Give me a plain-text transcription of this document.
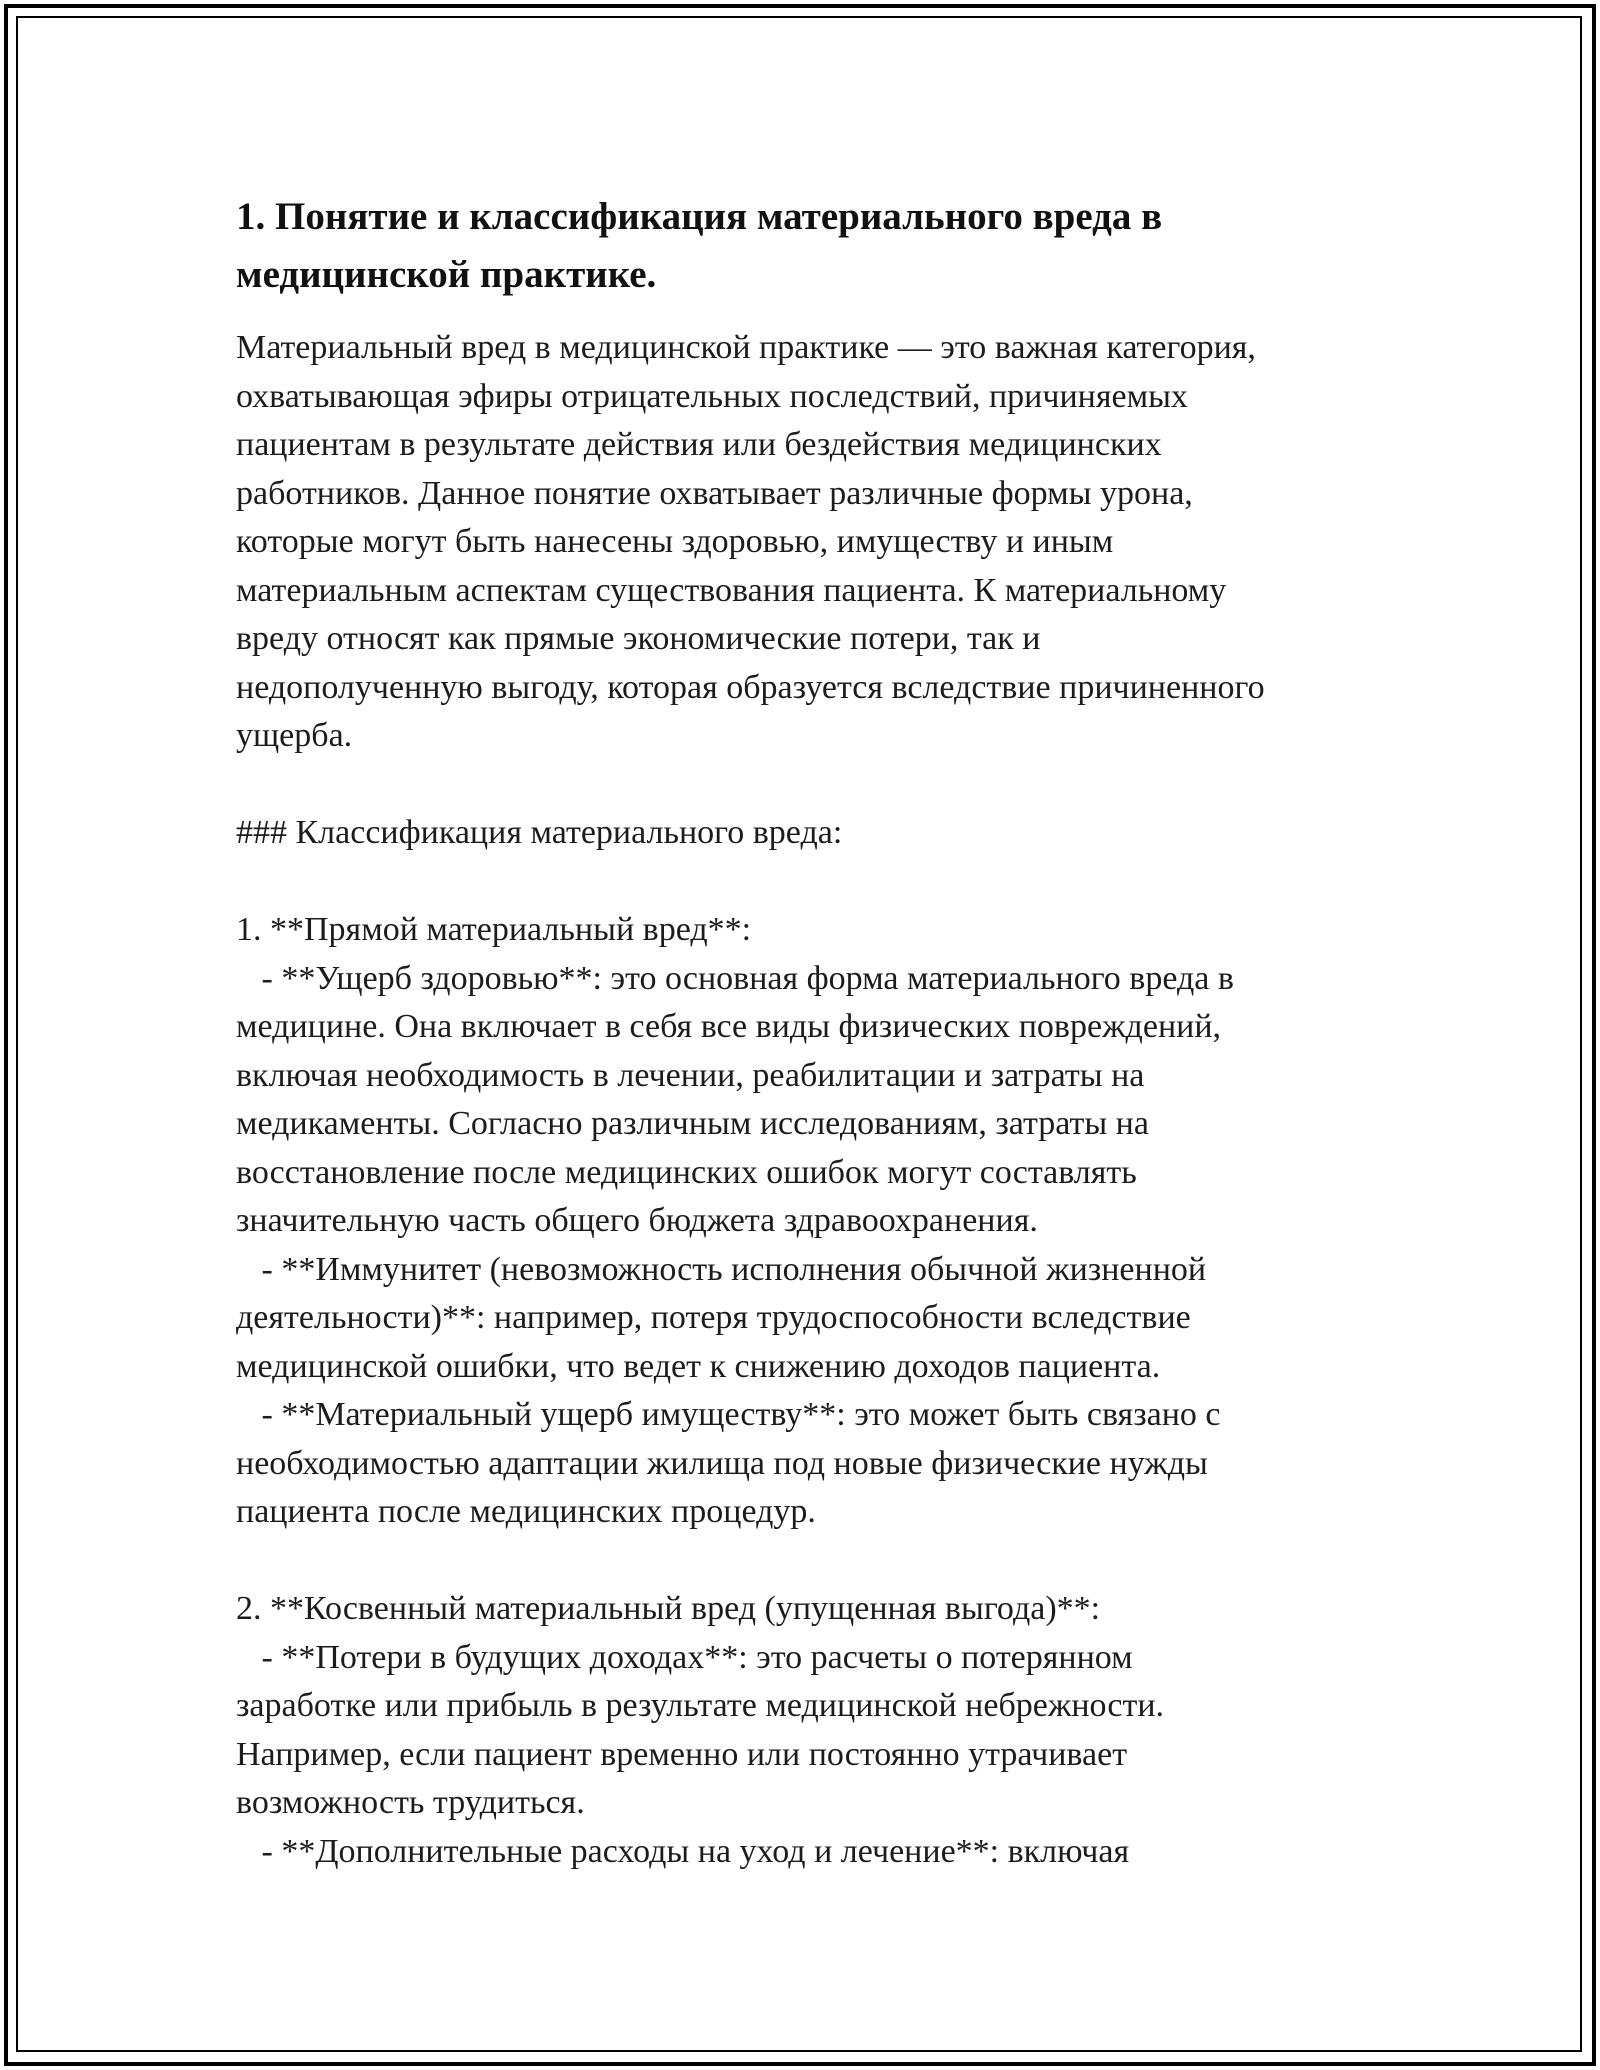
1. Понятие и классификация материального вреда в
медицинской практике.
Материальный вред в медицинской практике — это важная категория,
охватывающая эфиры отрицательных последствий, причиняемых
пациентам в результате действия или бездействия медицинских
работников. Данное понятие охватывает различные формы урона,
которые могут быть нанесены здоровью, имуществу и иным
материальным аспектам существования пациента. К материальному
вреду относят как прямые экономические потери, так и
недополученную выгоду, которая образуется вследствие причиненного
ущерба.
### Классификация материального вреда:
1. **Прямой материальный вред**:
- **Ущерб здоровью**: это основная форма материального вреда в
медицине. Она включает в себя все виды физических повреждений,
включая необходимость в лечении, реабилитации и затраты на
медикаменты. Согласно различным исследованиям, затраты на
восстановление после медицинских ошибок могут составлять
значительную часть общего бюджета здравоохранения.
- **Иммунитет (невозможность исполнения обычной жизненной
деятельности)**: например, потеря трудоспособности вследствие
медицинской ошибки, что ведет к снижению доходов пациента.
- **Материальный ущерб имуществу**: это может быть связано с
необходимостью адаптации жилища под новые физические нужды
пациента после медицинских процедур.
2. **Косвенный материальный вред (упущенная выгода)**:
- **Потери в будущих доходах**: это расчеты о потерянном
заработке или прибыль в результате медицинской небрежности.
Например, если пациент временно или постоянно утрачивает
возможность трудиться.
- **Дополнительные расходы на уход и лечение**: включая
